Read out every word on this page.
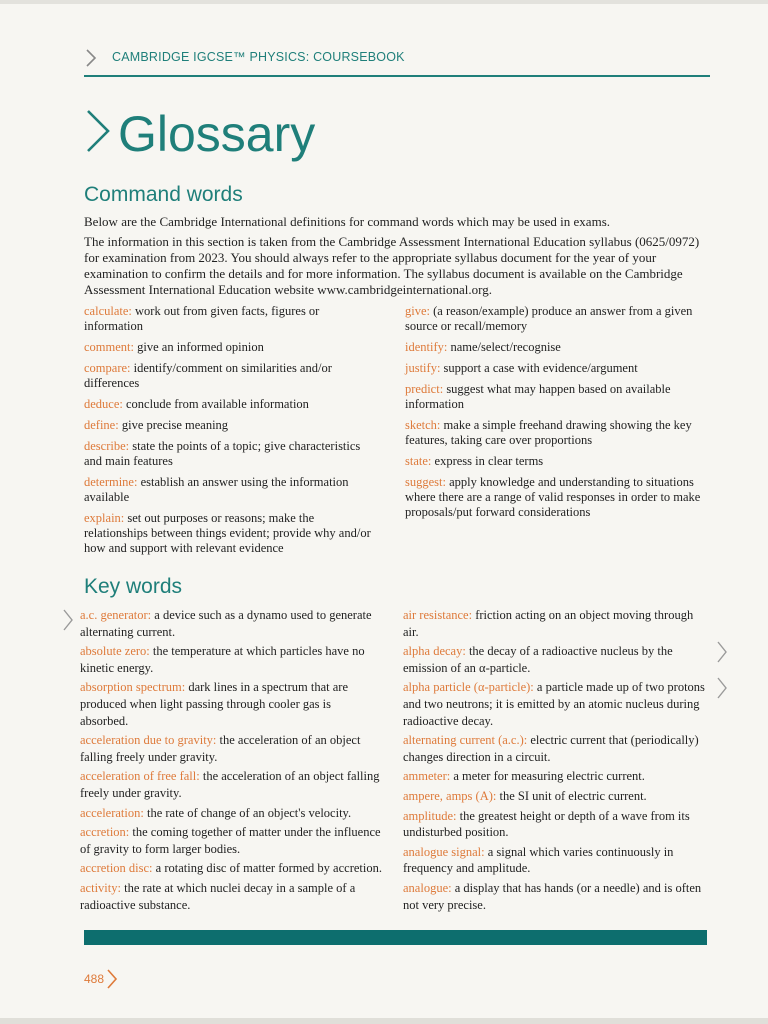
CAMBRIDGE IGCSE™ PHYSICS: COURSEBOOK
Glossary
Command words

Below are the Cambridge International definitions for command words which may be used in exams.

The information in this section is taken from the Cambridge Assessment International Education syllabus (0625/0972) for examination from 2023. You should always refer to the appropriate syllabus document for the year of your examination to confirm the details and for more information. The syllabus document is available on the Cambridge Assessment International Education website www.cambridgeinternational.org.

calculate: work out from given facts, figures or information
comment: give an informed opinion
compare: identify/comment on similarities and/or differences
deduce: conclude from available information
define: give precise meaning
describe: state the points of a topic; give characteristics and main features
determine: establish an answer using the information available
explain: set out purposes or reasons; make the relationships between things evident; provide why and/or how and support with relevant evidence
give: (a reason/example) produce an answer from a given source or recall/memory
identify: name/select/recognise
justify: support a case with evidence/argument
predict: suggest what may happen based on available information
sketch: make a simple freehand drawing showing the key features, taking care over proportions
state: express in clear terms
suggest: apply knowledge and understanding to situations where there are a range of valid responses in order to make proposals/put forward considerations
Key words
a.c. generator: a device such as a dynamo used to generate alternating current.
absolute zero: the temperature at which particles have no kinetic energy.
absorption spectrum: dark lines in a spectrum that are produced when light passing through cooler gas is absorbed.
acceleration due to gravity: the acceleration of an object falling freely under gravity.
acceleration of free fall: the acceleration of an object falling freely under gravity.
acceleration: the rate of change of an object's velocity.
accretion: the coming together of matter under the influence of gravity to form larger bodies.
accretion disc: a rotating disc of matter formed by accretion.
activity: the rate at which nuclei decay in a sample of a radioactive substance.
air resistance: friction acting on an object moving through air.
alpha decay: the decay of a radioactive nucleus by the emission of an α-particle.
alpha particle (α-particle): a particle made up of two protons and two neutrons; it is emitted by an atomic nucleus during radioactive decay.
alternating current (a.c.): electric current that (periodically) changes direction in a circuit.
ammeter: a meter for measuring electric current.
ampere, amps (A): the SI unit of electric current.
amplitude: the greatest height or depth of a wave from its undisturbed position.
analogue signal: a signal which varies continuously in frequency and amplitude.
analogue: a display that has hands (or a needle) and is often not very precise.
488
